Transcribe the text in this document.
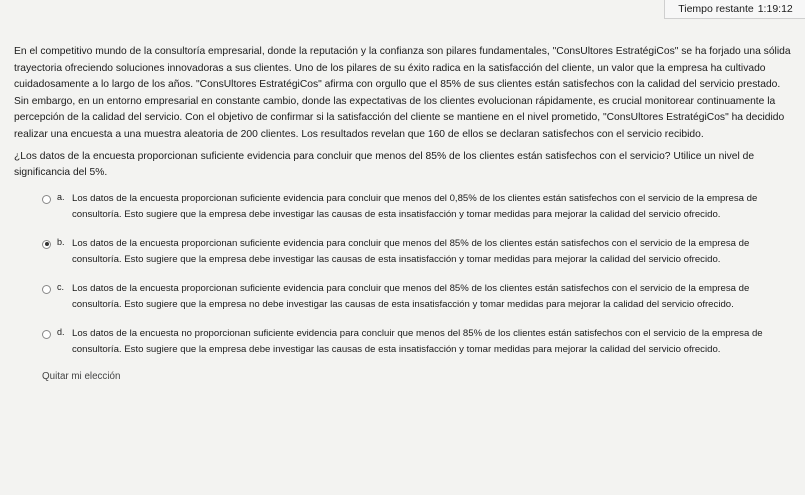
Tiempo restante 1:19:12

En el competitivo mundo de la consultoría empresarial, donde la reputación y la confianza son pilares fundamentales, "ConsUltores EstratégiCos" se ha forjado una sólida trayectoria ofreciendo soluciones innovadoras a sus clientes. Uno de los pilares de su éxito radica en la satisfacción del cliente, un valor que la empresa ha cultivado cuidadosamente a lo largo de los años. "ConsUltores EstratégiCos" afirma con orgullo que el 85% de sus clientes están satisfechos con la calidad del servicio prestado. Sin embargo, en un entorno empresarial en constante cambio, donde las expectativas de los clientes evolucionan rápidamente, es crucial monitorear continuamente la percepción de la calidad del servicio. Con el objetivo de confirmar si la satisfacción del cliente se mantiene en el nivel prometido, "ConsUltores EstratégiCos" ha decidido realizar una encuesta a una muestra aleatoria de 200 clientes. Los resultados revelan que 160 de ellos se declaran satisfechos con el servicio recibido.

¿Los datos de la encuesta proporcionan suficiente evidencia para concluir que menos del 85% de los clientes están satisfechos con el servicio? Utilice un nivel de significancia del 5%.

a. Los datos de la encuesta proporcionan suficiente evidencia para concluir que menos del 0,85% de los clientes están satisfechos con el servicio de la empresa de consultoría. Esto sugiere que la empresa debe investigar las causas de esta insatisfacción y tomar medidas para mejorar la calidad del servicio ofrecido.
b. Los datos de la encuesta proporcionan suficiente evidencia para concluir que menos del 85% de los clientes están satisfechos con el servicio de la empresa de consultoría. Esto sugiere que la empresa debe investigar las causas de esta insatisfacción y tomar medidas para mejorar la calidad del servicio ofrecido.
c. Los datos de la encuesta proporcionan suficiente evidencia para concluir que menos del 85% de los clientes están satisfechos con el servicio de la empresa de consultoría. Esto sugiere que la empresa no debe investigar las causas de esta insatisfacción y tomar medidas para mejorar la calidad del servicio ofrecido.
d. Los datos de la encuesta no proporcionan suficiente evidencia para concluir que menos del 85% de los clientes están satisfechos con el servicio de la empresa de consultoría. Esto sugiere que la empresa debe investigar las causas de esta insatisfacción y tomar medidas para mejorar la calidad del servicio ofrecido.
Quitar mi elección
